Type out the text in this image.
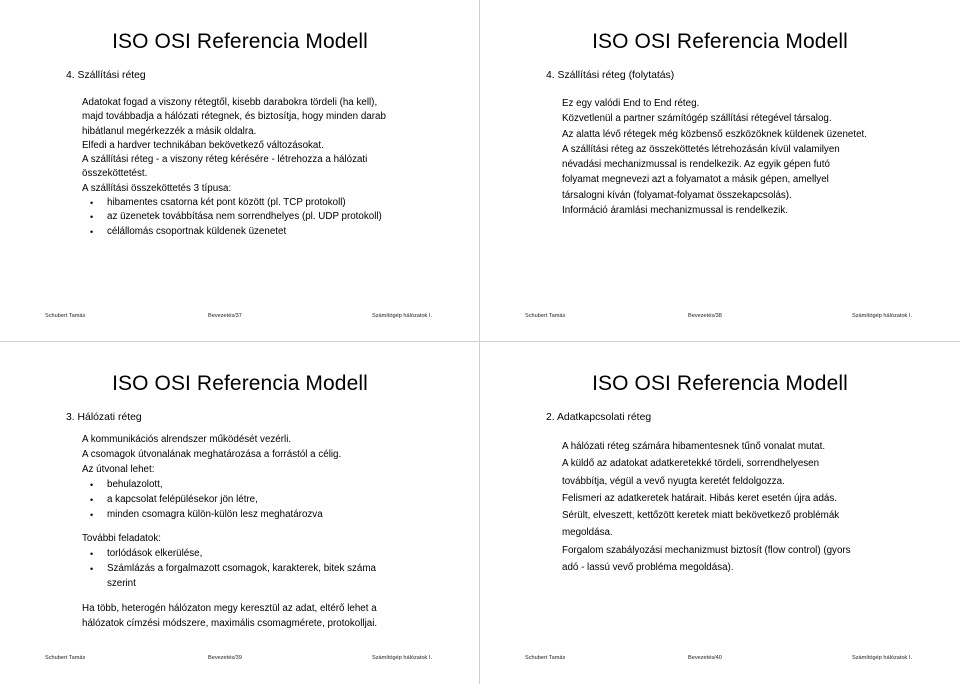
ISO OSI Referencia Modell
4. Szállítási réteg

Adatokat fogad a viszony rétegtől, kisebb darabokra tördeli (ha kell),

majd továbbadja a hálózati rétegnek, és biztosítja, hogy minden darab

hibátlanul megérkezzék a másik oldalra.

Elfedi a hardver technikában bekövetkező változásokat.

A szállítási réteg - a viszony réteg kérésére - létrehozza a hálózati

összeköttetést.

A szállítási összeköttetés 3 típusa:

• hibamentes csatorna két pont között (pl. TCP protokoll)
• az üzenetek továbbítása nem sorrendhelyes (pl. UDP protokoll)
• célállomás csoportnak küldenek üzenetet
Schubert Tamás	Bevezetés/37	Számítógép hálózatok I.
ISO OSI Referencia Modell
4. Szállítási réteg (folytatás)

Ez egy valódi End to End réteg.

Közvetlenül a partner számítógép szállítási rétegével társalog.

Az alatta lévő rétegek még közbenső eszközöknek küldenek üzenetet.

A szállítási réteg az összeköttetés létrehozásán kívül valamilyen

névadási mechanizmussal is rendelkezik. Az egyik gépen futó

folyamat megnevezi azt a folyamatot a másik gépen, amellyel

társalogni kíván (folyamat-folyamat összekapcsolás).

Információ áramlási mechanizmussal is rendelkezik.

Schubert Tamás	Bevezetés/38	Számítógép hálózatok I.
ISO OSI Referencia Modell
3. Hálózati réteg

A kommunikációs alrendszer működését vezérli.

A csomagok útvonalának meghatározása a forrástól a célig.

Az útvonal lehet:

• behulazolott,
• a kapcsolat felépülésekor jön létre,
• minden csomagra külön-külön lesz meghatározva

További feladatok:

• torlódások elkerülése,
• Számlázás a forgalmazott csomagok, karakterek, bitek száma
szerint

Ha több, heterogén hálózaton megy keresztül az adat, eltérő lehet a

hálózatok címzési módszere, maximális csomagmérete, protokolljai.

Schubert Tamás	Bevezetés/39	Számítógép hálózatok I.
ISO OSI Referencia Modell
2. Adatkapcsolati réteg

A hálózati réteg számára hibamentesnek tűnő vonalat mutat.

A küldő az adatokat adatkeretekké tördeli, sorrendhelyesen

továbbítja, végül a vevő nyugta keretét feldolgozza.

Felismeri az adatkeretek határait. Hibás keret esetén újra adás.

Sérült, elveszett, kettőzött keretek miatt bekövetkező problémák

megoldása.

Forgalom szabályozási mechanizmust biztosít (flow control) (gyors

adó - lassú vevő probléma megoldása).

Schubert Tamás	Bevezetés/40	Számítógép hálózatok I.
